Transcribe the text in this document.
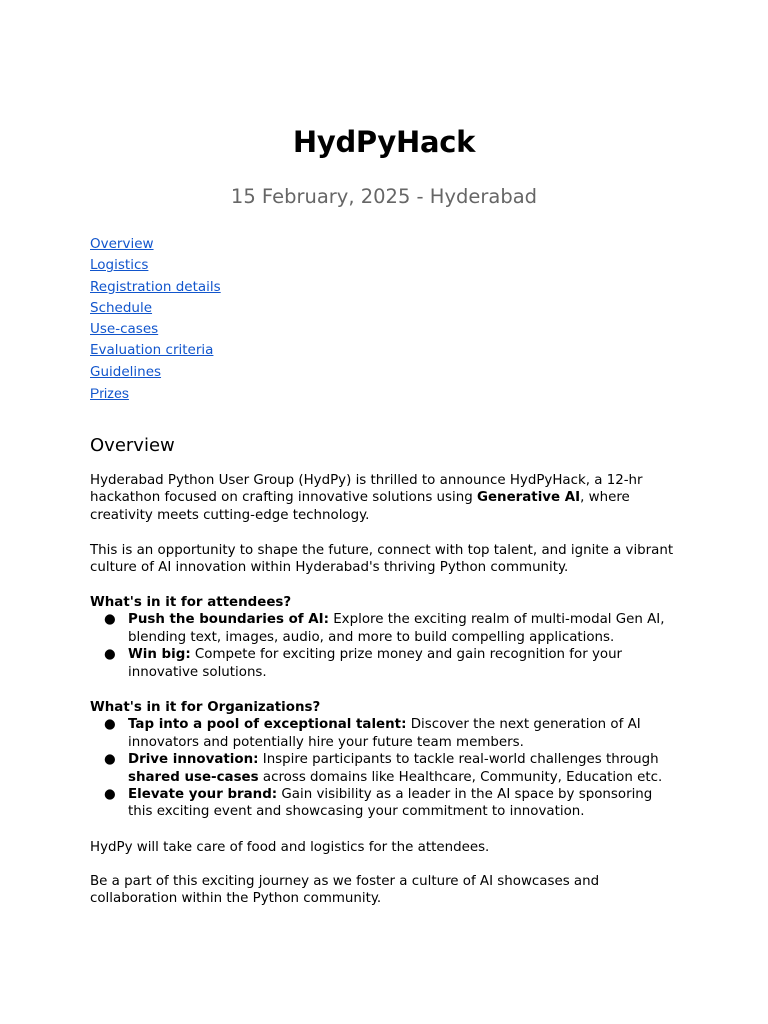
HydPyHack

15 February, 2025 - Hyderabad

Overview
Logistics
Registration details
Schedule
Use-cases
Evaluation criteria
Guidelines
Prizes
Overview

Hyderabad Python User Group (HydPy) is thrilled to announce HydPyHack, a 12-hr hackathon focused on crafting innovative solutions using Generative AI, where creativity meets cutting-edge technology.

This is an opportunity to shape the future, connect with top talent, and ignite a vibrant culture of AI innovation within Hyderabad's thriving Python community.

What's in it for attendees?
● Push the boundaries of AI: Explore the exciting realm of multi-modal Gen AI, blending text, images, audio, and more to build compelling applications.
● Win big: Compete for exciting prize money and gain recognition for your innovative solutions.
What's in it for Organizations?
● Tap into a pool of exceptional talent: Discover the next generation of AI innovators and potentially hire your future team members.
● Drive innovation: Inspire participants to tackle real-world challenges through shared use-cases across domains like Healthcare, Community, Education etc.
● Elevate your brand: Gain visibility as a leader in the AI space by sponsoring this exciting event and showcasing your commitment to innovation.

HydPy will take care of food and logistics for the attendees.

Be a part of this exciting journey as we foster a culture of AI showcases and collaboration within the Python community.
